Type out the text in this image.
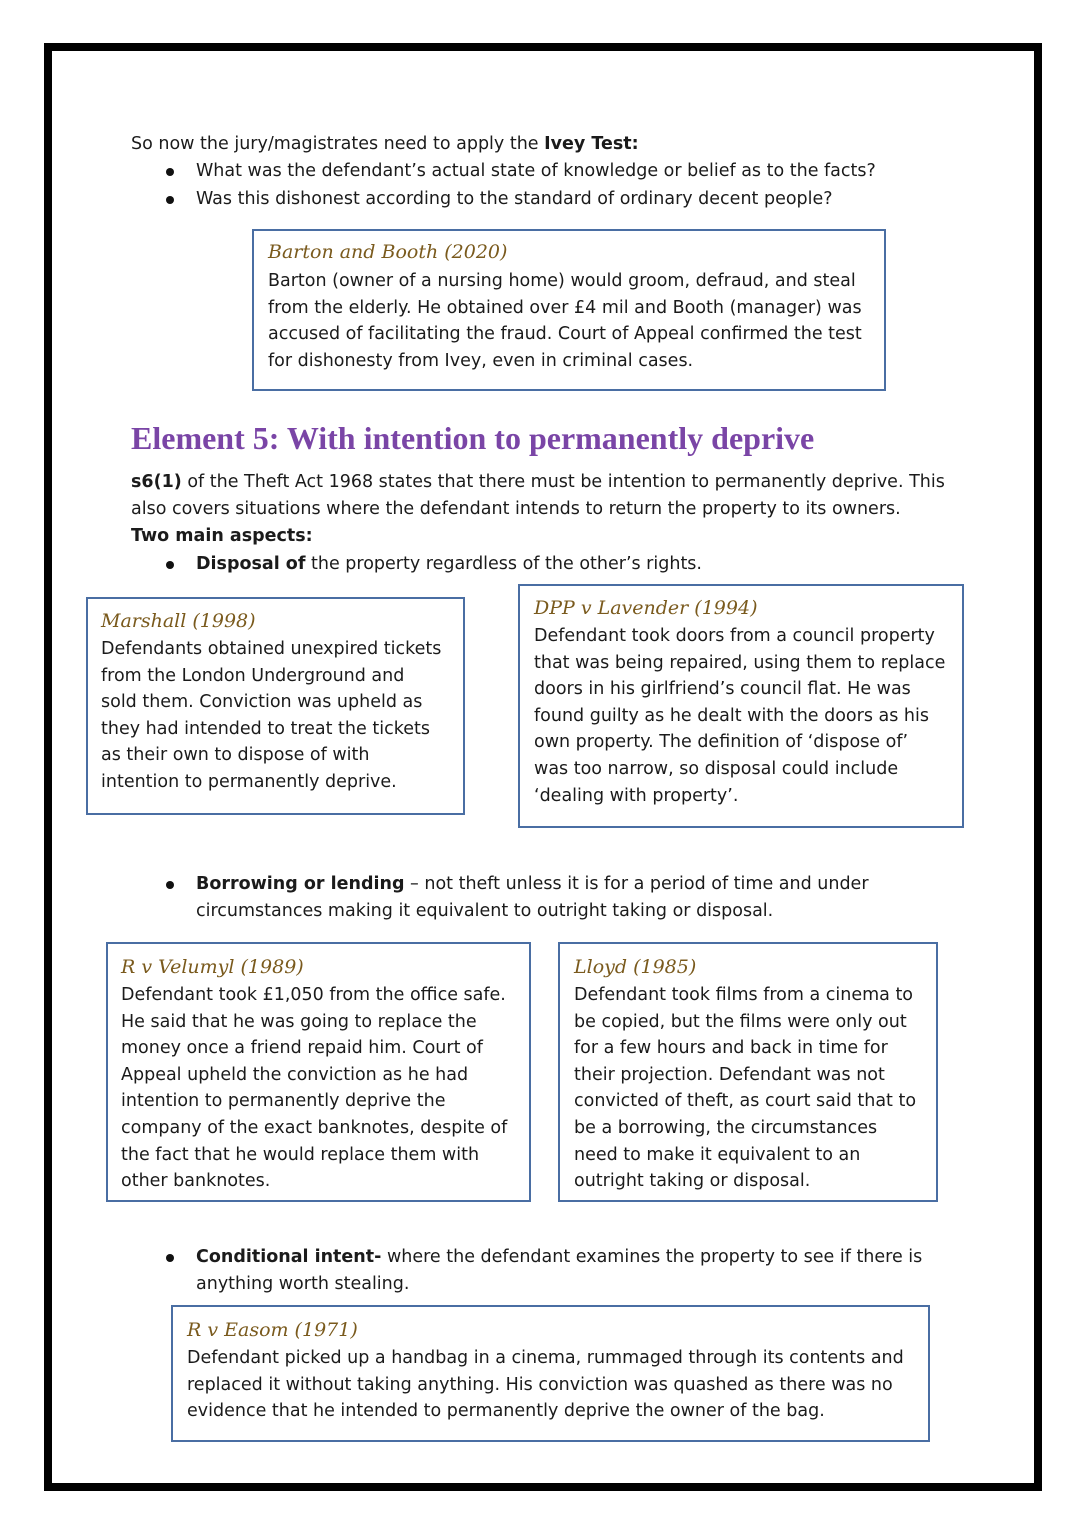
So now the jury/magistrates need to apply the Ivey Test:
What was the defendant’s actual state of knowledge or belief as to the facts?
Was this dishonest according to the standard of ordinary decent people?
Barton and Booth (2020)
Barton (owner of a nursing home) would groom, defraud, and steal
from the elderly. He obtained over £4 mil and Booth (manager) was
accused of facilitating the fraud. Court of Appeal confirmed the test
for dishonesty from Ivey, even in criminal cases.
Element 5: With intention to permanently deprive
s6(1) of the Theft Act 1968 states that there must be intention to permanently deprive. This
also covers situations where the defendant intends to return the property to its owners.
Two main aspects:
Disposal of the property regardless of the other’s rights.
Marshall (1998)
Defendants obtained unexpired tickets
from the London Underground and
sold them. Conviction was upheld as
they had intended to treat the tickets
as their own to dispose of with
intention to permanently deprive.
DPP v Lavender (1994)
Defendant took doors from a council property
that was being repaired, using them to replace
doors in his girlfriend’s council flat. He was
found guilty as he dealt with the doors as his
own property. The definition of ‘dispose of’
was too narrow, so disposal could include
‘dealing with property’.
Borrowing or lending – not theft unless it is for a period of time and under
circumstances making it equivalent to outright taking or disposal.
R v Velumyl (1989)
Defendant took £1,050 from the office safe.
He said that he was going to replace the
money once a friend repaid him. Court of
Appeal upheld the conviction as he had
intention to permanently deprive the
company of the exact banknotes, despite of
the fact that he would replace them with
other banknotes.
Lloyd (1985)
Defendant took films from a cinema to
be copied, but the films were only out
for a few hours and back in time for
their projection. Defendant was not
convicted of theft, as court said that to
be a borrowing, the circumstances
need to make it equivalent to an
outright taking or disposal.
Conditional intent- where the defendant examines the property to see if there is
anything worth stealing.
R v Easom (1971)
Defendant picked up a handbag in a cinema, rummaged through its contents and
replaced it without taking anything. His conviction was quashed as there was no
evidence that he intended to permanently deprive the owner of the bag.
